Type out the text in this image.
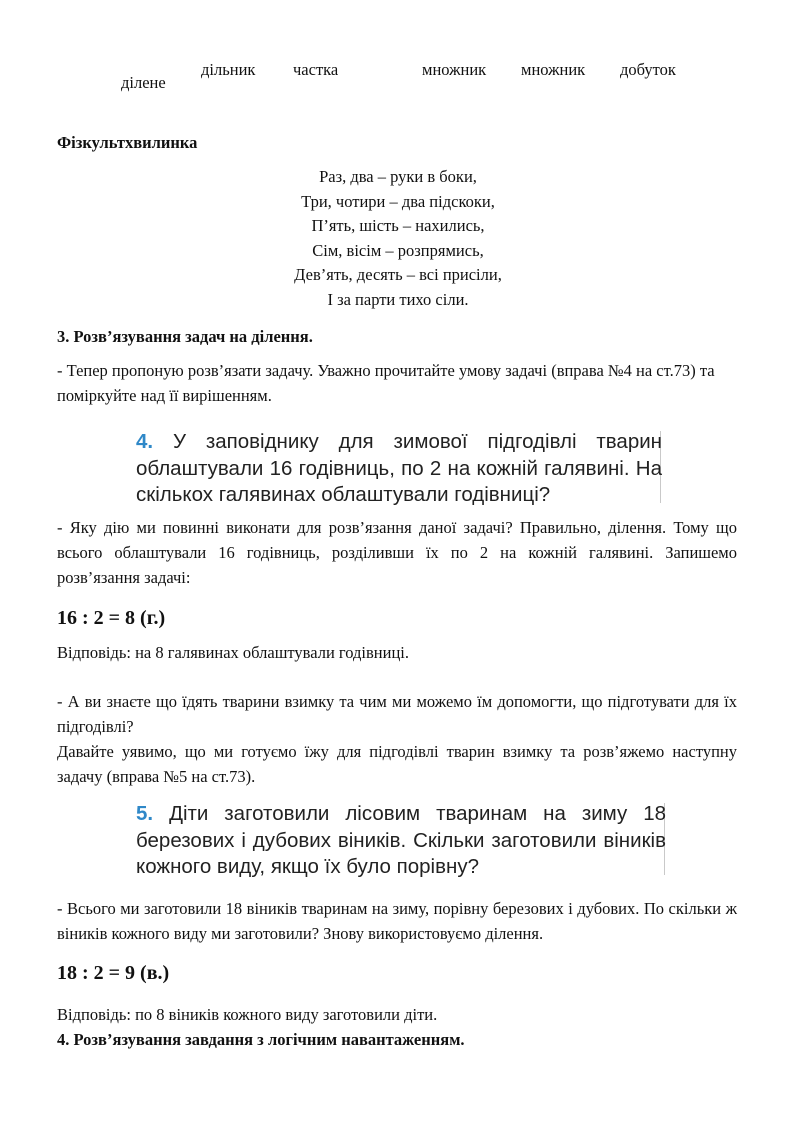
ділене
дільник частка	множник множник добуток
Фізкультхвилинка
Раз, два – руки в боки,
Три, чотири – два підскоки,
П’ять, шість – нахились,
Сім, вісім – розпрямись,
Дев’ять, десять – всі присіли,
І за парти тихо сіли.
3. Розв’язування задач на ділення.
- Тепер пропоную розв’язати задачу. Уважно прочитайте умову задачі (вправа №4 на ст.73) та поміркуйте над її вирішенням.
4. У заповіднику для зимової підгодівлі тварин облаштували 16 годівниць, по 2 на кожній галявині. На скількох галявинах облаштували годівниці?
- Яку дію ми повинні виконати для розв’язання даної задачі? Правильно, ділення. Тому що всього облаштували 16 годівниць, розділивши їх по 2 на кожній галявині. Запишемо розв’язання задачі:
16 : 2 = 8 (г.)
Відповідь: на 8 галявинах облаштували годівниці.
- А ви знаєте що їдять тварини взимку та чим ми можемо їм допомогти, що підготувати для їх підгодівлі?
Давайте уявимо, що ми готуємо їжу для підгодівлі тварин взимку та розв’яжемо наступну задачу (вправа №5 на ст.73).
5. Діти заготовили лісовим тваринам на зиму 18 березових і дубових віників. Скільки заготовили віників кожного виду, якщо їх було порівну?
- Всього ми заготовили 18 віників тваринам на зиму, порівну березових і дубових. По скільки ж віників кожного виду ми заготовили? Знову використовуємо ділення.
18 : 2 = 9 (в.)
Відповідь: по 8 віників кожного виду заготовили діти.
4. Розв’язування завдання з логічним навантаженням.
